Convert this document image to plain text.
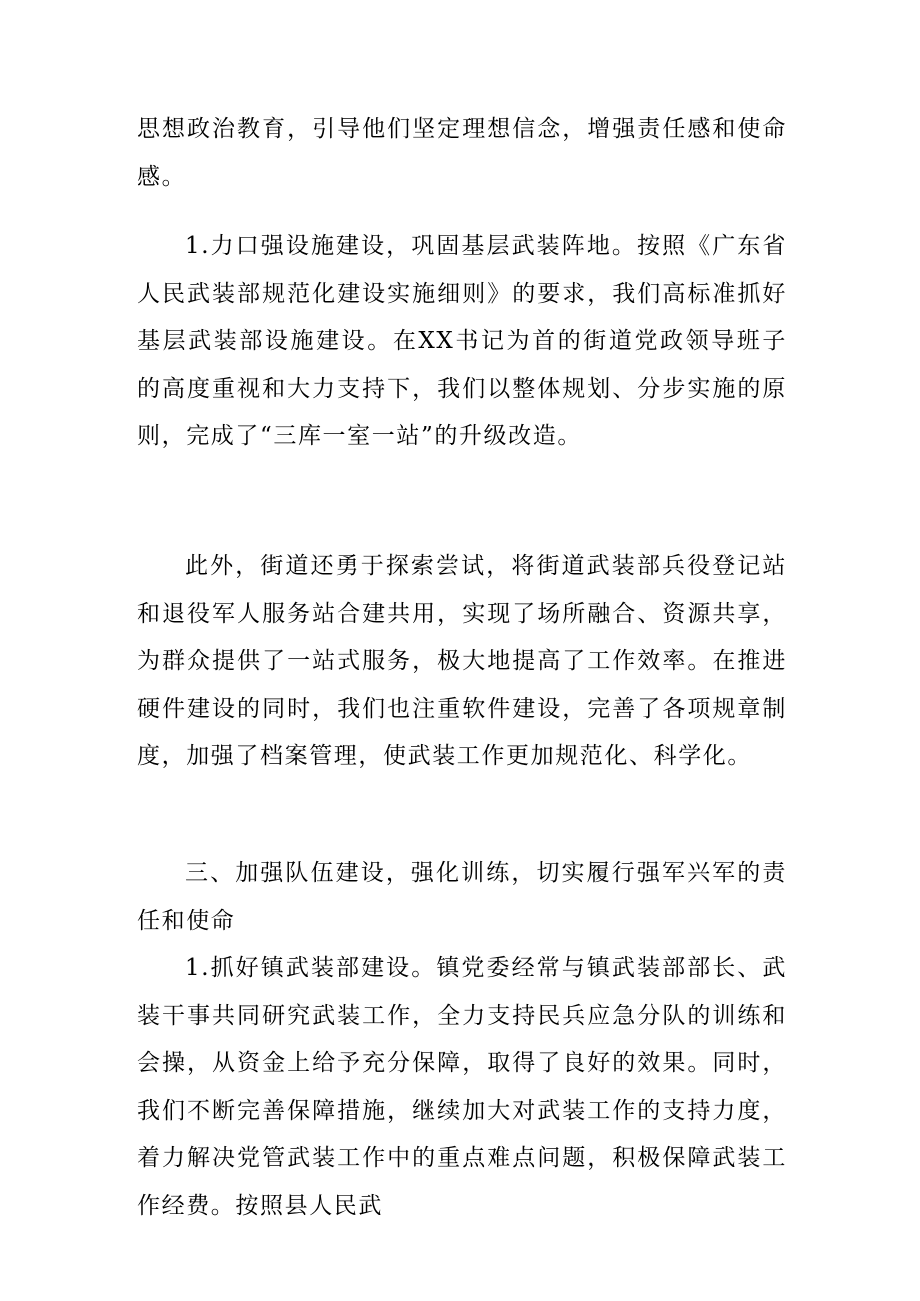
思想政治教育，引导他们坚定理想信念，增强责任感和使命感。

1.力口强设施建设，巩固基层武装阵地。按照《广东省人民武装部规范化建设实施细则》的要求，我们高标准抓好基层武装部设施建设。在XX书记为首的街道党政领导班子的高度重视和大力支持下，我们以整体规划、分步实施的原则，完成了“三库一室一站”的升级改造。

此外，街道还勇于探索尝试，将街道武装部兵役登记站和退役军人服务站合建共用，实现了场所融合、资源共享，为群众提供了一站式服务，极大地提高了工作效率。在推进硬件建设的同时，我们也注重软件建设，完善了各项规章制度，加强了档案管理，使武装工作更加规范化、科学化。

三、加强队伍建设，强化训练，切实履行强军兴军的责任和使命

1.抓好镇武装部建设。镇党委经常与镇武装部部长、武装干事共同研究武装工作，全力支持民兵应急分队的训练和会操，从资金上给予充分保障，取得了良好的效果。同时，我们不断完善保障措施，继续加大对武装工作的支持力度，着力解决党管武装工作中的重点难点问题，积极保障武装工作经费。按照县人民武
